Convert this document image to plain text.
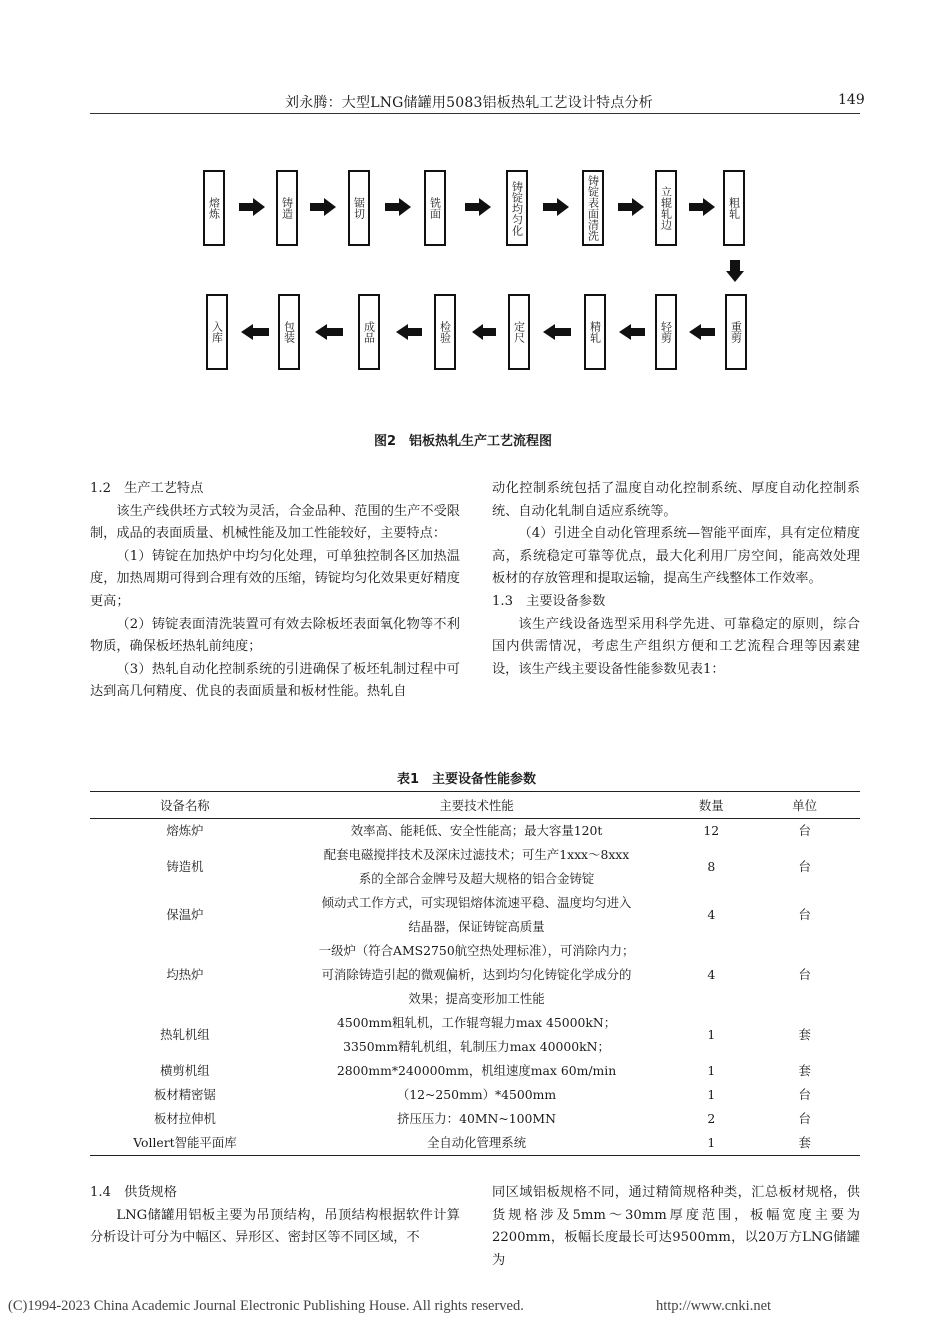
刘永腾：大型LNG储罐用5083铝板热轧工艺设计特点分析	149
熔炼	铸造	锯切	铣面	铸锭均匀化	铸锭表面清洗	立辊轧边	粗轧
入库	包装	成品	检验	定尺	精轧	轻剪	重剪
图2　铝板热轧生产工艺流程图

1.2　生产工艺特点

该生产线供坯方式较为灵活，合金品种、范围的生产不受限制，成品的表面质量、机械性能及加工性能较好，主要特点：

（1）铸锭在加热炉中均匀化处理，可单独控制各区加热温度，加热周期可得到合理有效的压缩，铸锭均匀化效果更好精度更高；

（2）铸锭表面清洗装置可有效去除板坯表面氧化物等不利物质，确保板坯热轧前纯度；

（3）热轧自动化控制系统的引进确保了板坯轧制过程中可达到高几何精度、优良的表面质量和板材性能。热轧自

动化控制系统包括了温度自动化控制系统、厚度自动化控制系统、自动化轧制自适应系统等。

（4）引进全自动化管理系统—智能平面库，具有定位精度高，系统稳定可靠等优点，最大化利用厂房空间，能高效处理板材的存放管理和提取运输，提高生产线整体工作效率。

1.3　主要设备参数

该生产线设备选型采用科学先进、可靠稳定的原则，综合国内供需情况，考虑生产组织方便和工艺流程合理等因素建设，该生产线主要设备性能参数见表1：

表1　主要设备性能参数
设备名称	主要技术性能	数量	单位
熔炼炉	效率高、能耗低、安全性能高；最大容量120t	12	台
铸造机	配套电磁搅拌技术及深床过滤技术；可生产1xxx～8xxx
系的全部合金牌号及超大规格的铝合金铸锭	8	台
保温炉	倾动式工作方式，可实现铝熔体流速平稳、温度均匀进入
结晶器，保证铸锭高质量	4	台
均热炉	一级炉（符合AMS2750航空热处理标准），可消除内力；
可消除铸造引起的微观偏析，达到均匀化铸锭化学成分的
效果；提高变形加工性能	4	台
热轧机组	4500mm粗轧机，工作辊弯辊力max 45000kN；
3350mm精轧机组，轧制压力max 40000kN；	1	套
横剪机组	2800mm*240000mm，机组速度max 60m/min	1	套
板材精密锯	（12~250mm）*4500mm	1	台
板材拉伸机	挤压压力：40MN~100MN	2	台
Vollert智能平面库	全自动化管理系统	1	套

1.4　供货规格

LNG储罐用铝板主要为吊顶结构，吊顶结构根据软件计算分析设计可分为中幅区、异形区、密封区等不同区域，不

同区域铝板规格不同，通过精简规格种类，汇总板材规格，供货规格涉及5mm～30mm厚度范围，板幅宽度主要为2200mm，板幅长度最长可达9500mm，以20万方LNG储罐为

(C)1994-2023 China Academic Journal Electronic Publishing House. All rights reserved.	http://www.cnki.net
